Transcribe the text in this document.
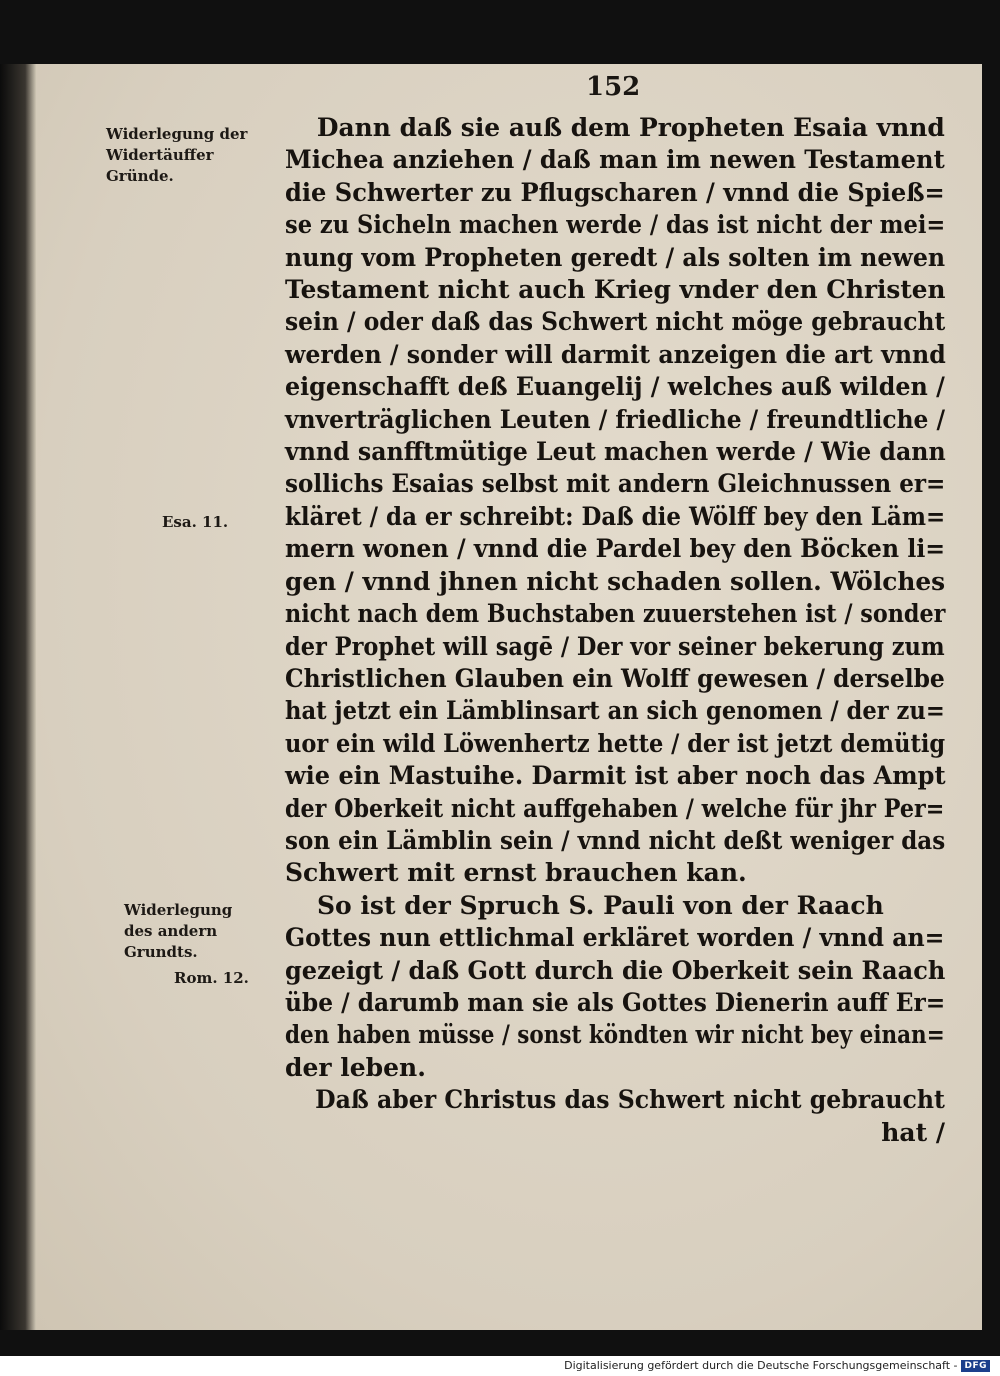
152
Widerlegung der
Widertäuffer
Gründe.
Esa. 11.
Widerlegung
des andern
Grundts.
Rom. 12.
Dann daß sie auß dem Propheten Esaia vnnd
Michea anziehen / daß man im newen Testament
die Schwerter zu Pflugscharen / vnnd die Spieß=
se zu Sicheln machen werde / das ist nicht der mei=
nung vom Propheten geredt / als solten im newen
Testament nicht auch Krieg vnder den Christen
sein / oder daß das Schwert nicht möge gebraucht
werden / sonder will darmit anzeigen die art vnnd
eigenschafft deß Euangelij / welches auß wilden /
vnverträglichen Leuten / friedliche / freundtliche /
vnnd sanfftmütige Leut machen werde / Wie dann
sollichs Esaias selbst mit andern Gleichnussen er=
kläret / da er schreibt: Daß die Wölff bey den Läm=
mern wonen / vnnd die Pardel bey den Böcken li=
gen / vnnd jhnen nicht schaden sollen. Wölches
nicht nach dem Buchstaben zuuerstehen ist / sonder
der Prophet will sagē / Der vor seiner bekerung zum
Christlichen Glauben ein Wolff gewesen / derselbe
hat jetzt ein Lämblinsart an sich genomen / der zu=
uor ein wild Löwenhertz hette / der ist jetzt demütig
wie ein Mastuihe. Darmit ist aber noch das Ampt
der Oberkeit nicht auffgehaben / welche für jhr Per=
son ein Lämblin sein / vnnd nicht deßt weniger das
Schwert mit ernst brauchen kan.
So ist der Spruch S. Pauli von der Raach
Gottes nun ettlichmal erkläret worden / vnnd an=
gezeigt / daß Gott durch die Oberkeit sein Raach
übe / darumb man sie als Gottes Dienerin auff Er=
den haben müsse / sonst köndten wir nicht bey einan=
der leben.
Daß aber Christus das Schwert nicht gebraucht
hat /
Digitalisierung gefördert durch die Deutsche Forschungsgemeinschaft - DFG
